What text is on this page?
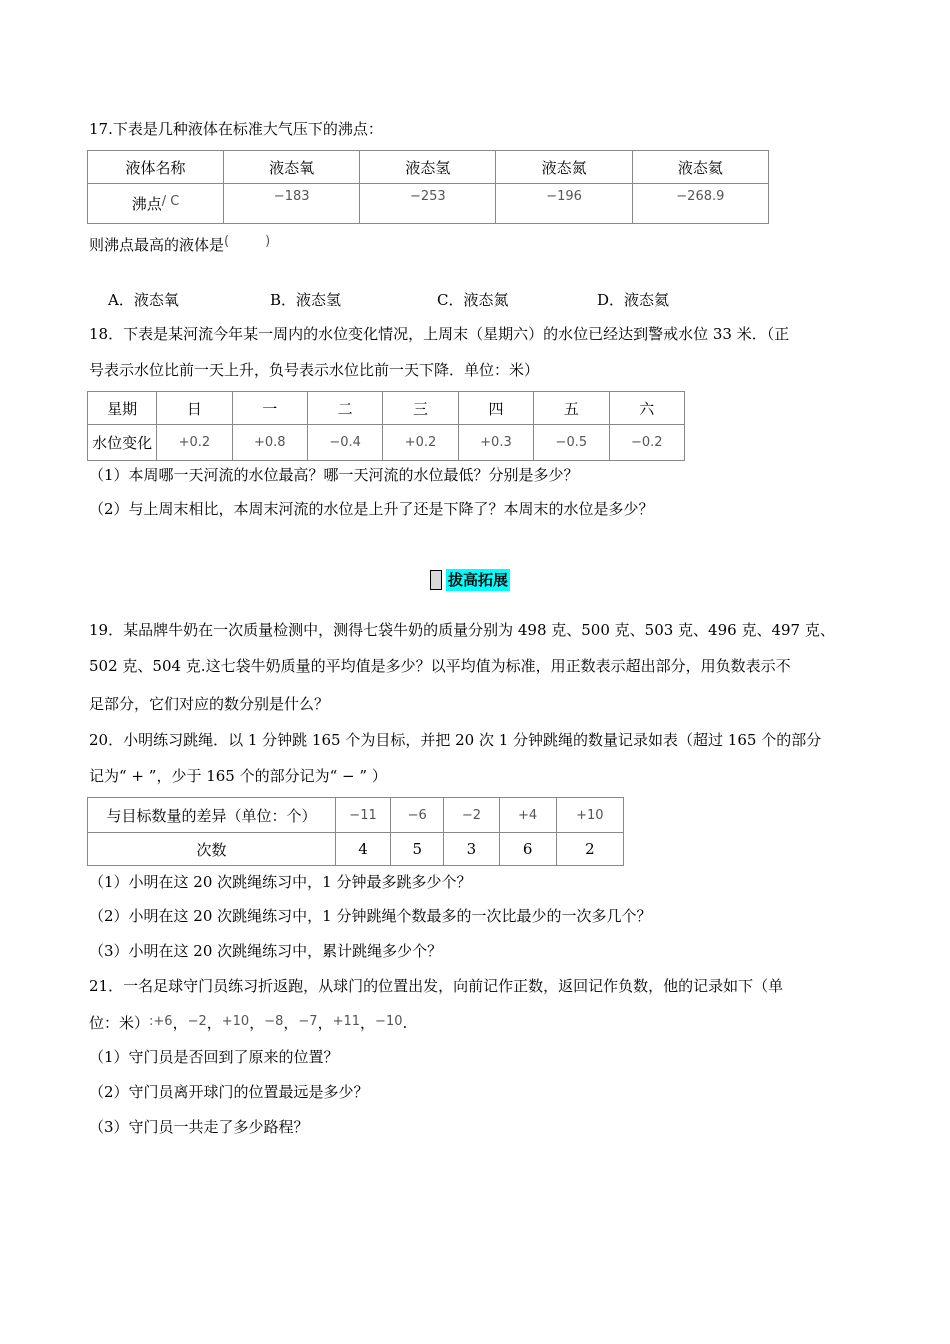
17.下表是几种液体在标准大气压下的沸点：
液体名称	液态氧	液态氢	液态氮	液态氦
沸点/ C	−183	−253	−196	−268.9
则沸点最高的液体是(	)
A．液态氧	B．液态氢	C．液态氮	D．液态氦
18．下表是某河流今年某一周内的水位变化情况，上周末（星期六）的水位已经达到警戒水位 33 米．（正
号表示水位比前一天上升，负号表示水位比前一天下降．单位：米）
星期	日	一	二	三	四	五	六
水位变化	+0.2	+0.8	−0.4	+0.2	+0.3	−0.5	−0.2
（1）本周哪一天河流的水位最高？哪一天河流的水位最低？分别是多少？
（2）与上周末相比，本周末河流的水位是上升了还是下降了？本周末的水位是多少？
拔高拓展
19．某品牌牛奶在一次质量检测中，测得七袋牛奶的质量分别为 498 克、500 克、503 克、496 克、497 克、
502 克、504 克.这七袋牛奶质量的平均值是多少？以平均值为标准，用正数表示超出部分，用负数表示不
足部分，它们对应的数分别是什么？
20．小明练习跳绳．以 1 分钟跳 165 个为目标，并把 20 次 1 分钟跳绳的数量记录如表（超过 165 个的部分
记为“ + ”，少于 165 个的部分记为“ − ” ）
与目标数量的差异（单位：个）	−11	−6	−2	+4	+10
次数	4	5	3	6	2
（1）小明在这 20 次跳绳练习中，1 分钟最多跳多少个？
（2）小明在这 20 次跳绳练习中，1 分钟跳绳个数最多的一次比最少的一次多几个？
（3）小明在这 20 次跳绳练习中，累计跳绳多少个？
21．一名足球守门员练习折返跑，从球门的位置出发，向前记作正数，返回记作负数，他的记录如下（单
位：米）:+6，−2，+10，−8，−7，+11，−10.
（1）守门员是否回到了原来的位置？
（2）守门员离开球门的位置最远是多少？
（3）守门员一共走了多少路程？
